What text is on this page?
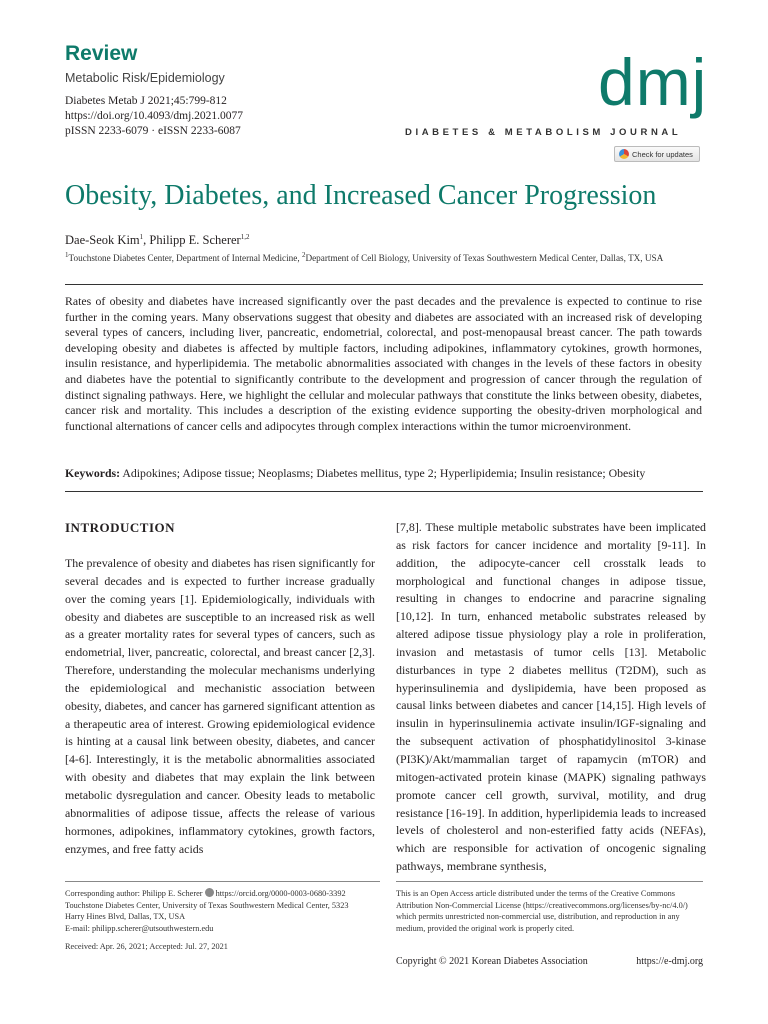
Review
Metabolic Risk/Epidemiology
Diabetes Metab J 2021;45:799-812
https://doi.org/10.4093/dmj.2021.0077
pISSN 2233-6079 · eISSN 2233-6087
dmj
DIABETES & METABOLISM JOURNAL
Check for updates
Obesity, Diabetes, and Increased Cancer Progression
Dae-Seok Kim$^1$, Philipp E. Scherer$^{1,2}$
$^1$Touchstone Diabetes Center, Department of Internal Medicine, $^2$Department of Cell Biology, University of Texas Southwestern Medical Center, Dallas, TX, USA

Rates of obesity and diabetes have increased significantly over the past decades and the prevalence is expected to continue to rise further in the coming years. Many observations suggest that obesity and diabetes are associated with an increased risk of developing several types of cancers, including liver, pancreatic, endometrial, colorectal, and post-menopausal breast cancer. The path towards developing obesity and diabetes is affected by multiple factors, including adipokines, inflammatory cytokines, growth hormones, insulin resistance, and hyperlipidemia. The metabolic abnormalities associated with changes in the levels of these factors in obesity and diabetes have the potential to significantly contribute to the development and progression of cancer through the regulation of distinct signaling pathways. Here, we highlight the cellular and molecular pathways that constitute the links between obesity, diabetes, cancer risk and mortality. This includes a description of the existing evidence supporting the obesity-driven morphological and functional alternations of cancer cells and adipocytes through complex interactions within the tumor microenvironment.

Keywords: Adipokines; Adipose tissue; Neoplasms; Diabetes mellitus, type 2; Hyperlipidemia; Insulin resistance; Obesity

INTRODUCTION

The prevalence of obesity and diabetes has risen significantly for several decades and is expected to further increase gradually over the coming years [1]. Epidemiologically, individuals with obesity and diabetes are susceptible to an increased risk as well as a greater mortality rates for several types of cancers, such as endometrial, liver, pancreatic, colorectal, and breast cancer [2,3]. Therefore, understanding the molecular mechanisms underlying the epidemiological and mechanistic association between obesity, diabetes, and cancer has garnered significant attention as a therapeutic area of interest. Growing epidemiological evidence is hinting at a causal link between obesity, diabetes, and cancer [4-6]. Interestingly, it is the metabolic abnormalities associated with obesity and diabetes that may explain the link between metabolic dysregulation and cancer. Obesity leads to metabolic abnormalities of adipose tissue, affects the release of various hormones, adipokines, inflammatory cytokines, growth factors, enzymes, and free fatty acids

[7,8]. These multiple metabolic substrates have been implicated as risk factors for cancer incidence and mortality [9-11]. In addition, the adipocyte-cancer cell crosstalk leads to morphological and functional changes in adipose tissue, resulting in changes to endocrine and paracrine signaling [10,12]. In turn, enhanced metabolic substrates released by altered adipose tissue physiology play a role in proliferation, invasion and metastasis of tumor cells [13]. Metabolic disturbances in type 2 diabetes mellitus (T2DM), such as hyperinsulinemia and dyslipidemia, have been proposed as causal links between diabetes and cancer [14,15]. High levels of insulin in hyperinsulinemia activate insulin/IGF-signaling and the subsequent activation of phosphatidylinositol 3-kinase (PI3K)/Akt/mammalian target of rapamycin (mTOR) and mitogen-activated protein kinase (MAPK) signaling pathways promote cancer cell growth, survival, motility, and drug resistance [16-19]. In addition, hyperlipidemia leads to increased levels of cholesterol and non-esterified fatty acids (NEFAs), which are responsible for activation of oncogenic signaling pathways, membrane synthesis,

Corresponding author: Philipp E. Scherer https://orcid.org/0000-0003-0680-3392
Touchstone Diabetes Center, University of Texas Southwestern Medical Center, 5323
Harry Hines Blvd, Dallas, TX, USA
E-mail: philipp.scherer@utsouthwestern.edu
Received: Apr. 26, 2021; Accepted: Jul. 27, 2021
This is an Open Access article distributed under the terms of the Creative Commons Attribution Non-Commercial License (https://creativecommons.org/licenses/by-nc/4.0/) which permits unrestricted non-commercial use, distribution, and reproduction in any medium, provided the original work is properly cited.
Copyright © 2021 Korean Diabetes Association	https://e-dmj.org
